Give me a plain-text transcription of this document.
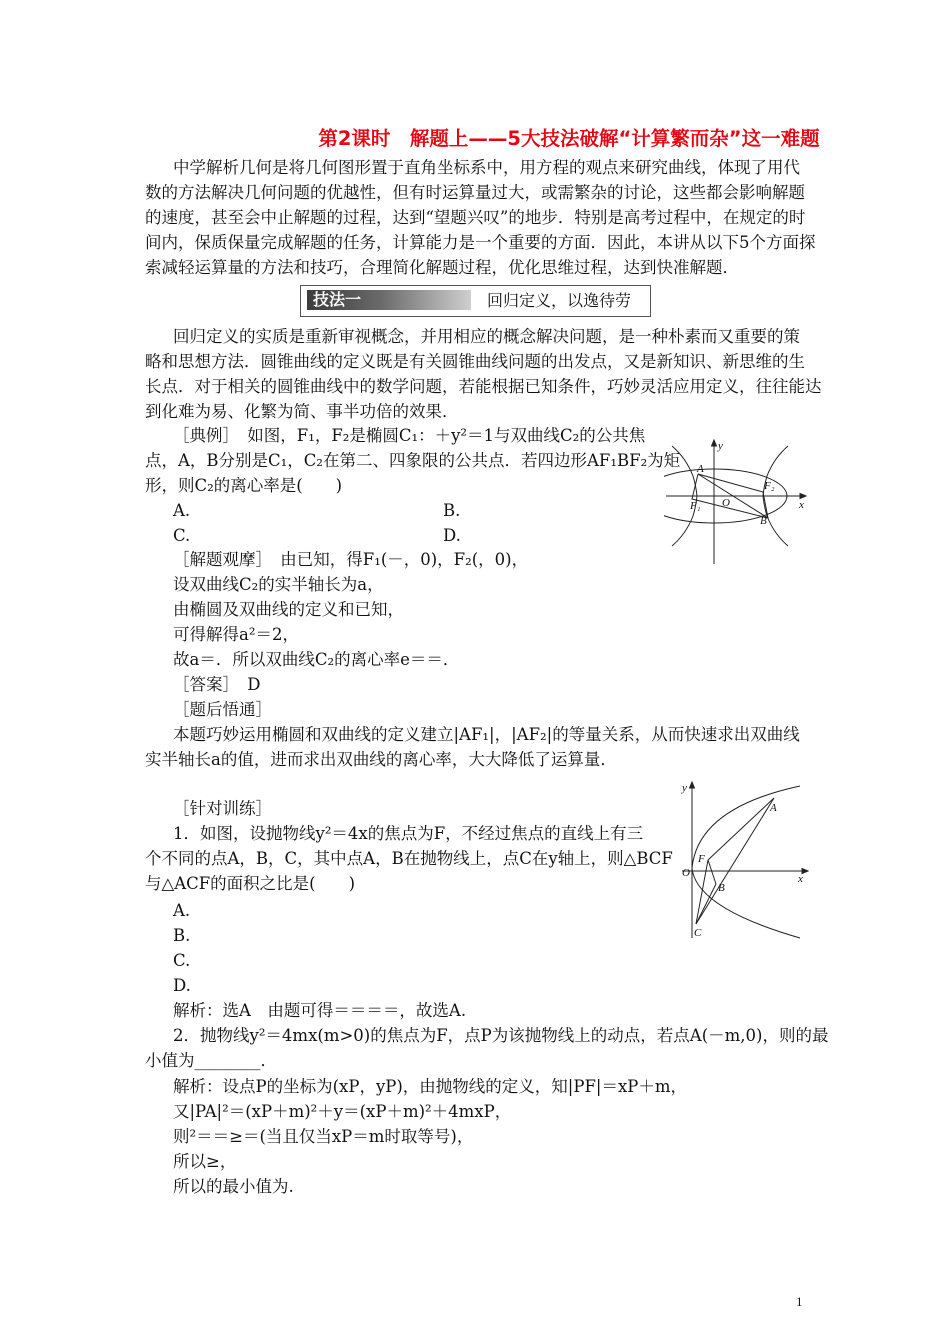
第2课时　解题上——5大技法破解“计算繁而杂”这一难题
中学解析几何是将几何图形置于直角坐标系中，用方程的观点来研究曲线，体现了用代
数的方法解决几何问题的优越性，但有时运算量过大，或需繁杂的讨论，这些都会影响解题
的速度，甚至会中止解题的过程，达到“望题兴叹”的地步．特别是高考过程中，在规定的时
间内，保质保量完成解题的任务，计算能力是一个重要的方面．因此，本讲从以下5个方面探
索减轻运算量的方法和技巧，合理简化解题过程，优化思维过程，达到快准解题．
技法一	回归定义，以逸待劳
回归定义的实质是重新审视概念，并用相应的概念解决问题，是一种朴素而又重要的策
略和思想方法．圆锥曲线的定义既是有关圆锥曲线问题的出发点，又是新知识、新思维的生
长点．对于相关的圆锥曲线中的数学问题，若能根据已知条件，巧妙灵活应用定义，往往能达
到化难为易、化繁为简、事半功倍的效果．
［典例］　如图，F₁，F₂是椭圆C₁：＋y²＝1与双曲线C₂的公共焦
点，A，B分别是C₁，C₂在第二、四象限的公共点．若四边形AF₁BF₂为矩
形，则C₂的离心率是(　　)
A.	B.
C.	D.
y
A
F₁ O
F₂
B
x
［解题观摩］　由已知，得F₁(－，0)，F₂(，0)，
设双曲线C₂的实半轴长为a，
由椭圆及双曲线的定义和已知，
可得解得a²＝2，
故a＝．所以双曲线C₂的离心率e＝＝．
［答案］　D
［题后悟通］
本题巧妙运用椭圆和双曲线的定义建立|AF₁|，|AF₂|的等量关系，从而快速求出双曲线
实半轴长a的值，进而求出双曲线的离心率，大大降低了运算量．
［针对训练］
1．如图，设抛物线y²＝4x的焦点为F，不经过焦点的直线上有三
个不同的点A，B，C，其中点A，B在抛物线上，点C在y轴上，则△BCF
与△ACF的面积之比是(　　)
A.
B.
C.
D.
解析：选A　由题可得＝＝＝＝，故选A.
y
A
F
O
B
C
x
2．抛物线y²＝4mx(m>0)的焦点为F，点P为该抛物线上的动点，若点A(－m,0)，则的最
小值为________．
解析：设点P的坐标为(xP，yP)，由抛物线的定义，知|PF|＝xP＋m，
又|PA|²＝(xP＋m)²＋y＝(xP＋m)²＋4mxP，
则²＝＝≥＝(当且仅当xP＝m时取等号)，
所以≥，
所以的最小值为.
1
